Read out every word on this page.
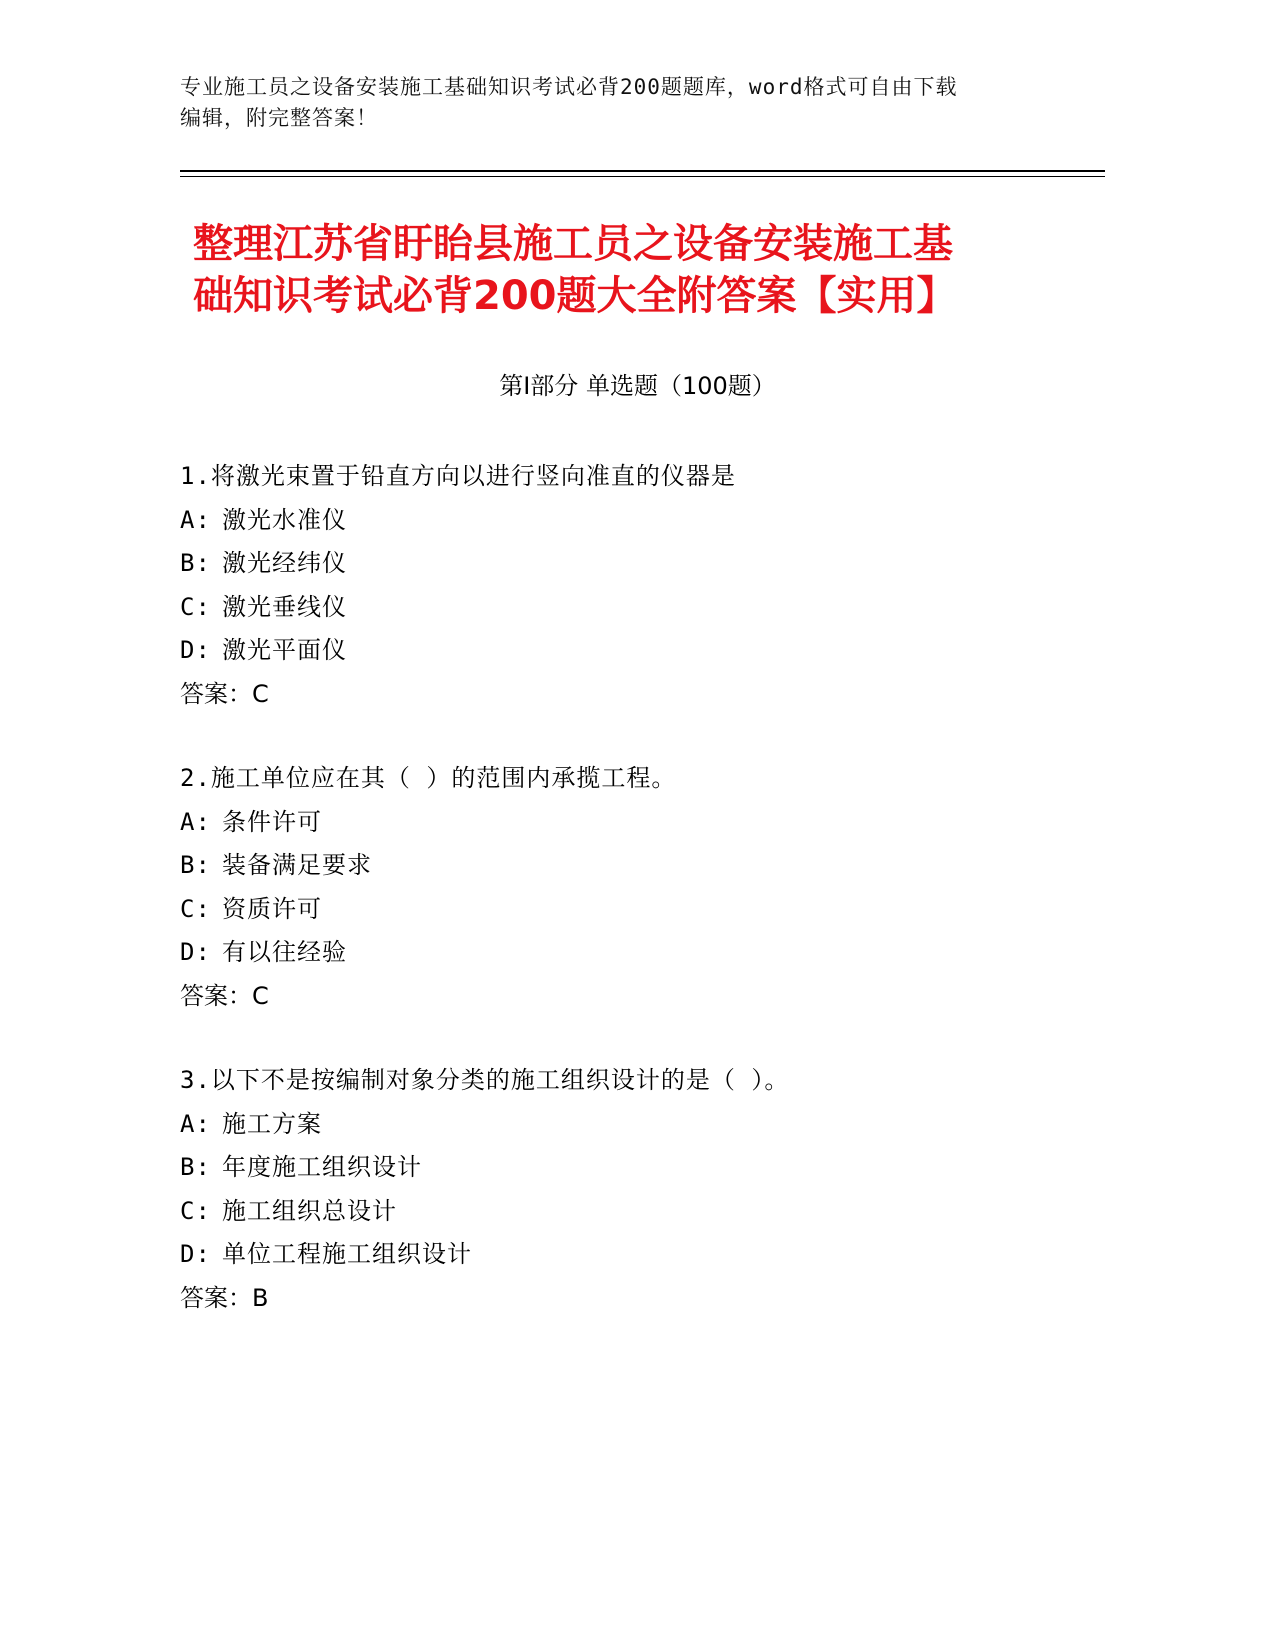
专业施工员之设备安装施工基础知识考试必背200题题库，word格式可自由下载
编辑，附完整答案！
整理江苏省盱眙县施工员之设备安装施工基
础知识考试必背200题大全附答案【实用】
第I部分 单选题（100题）
1.将激光束置于铅直方向以进行竖向准直的仪器是
A: 激光水准仪
B: 激光经纬仪
C: 激光垂线仪
D: 激光平面仪
答案：C
2.施工单位应在其（ ）的范围内承揽工程。
A: 条件许可
B: 装备满足要求
C: 资质许可
D: 有以往经验
答案：C
3.以下不是按编制对象分类的施工组织设计的是（ ）。
A: 施工方案
B: 年度施工组织设计
C: 施工组织总设计
D: 单位工程施工组织设计
答案：B
